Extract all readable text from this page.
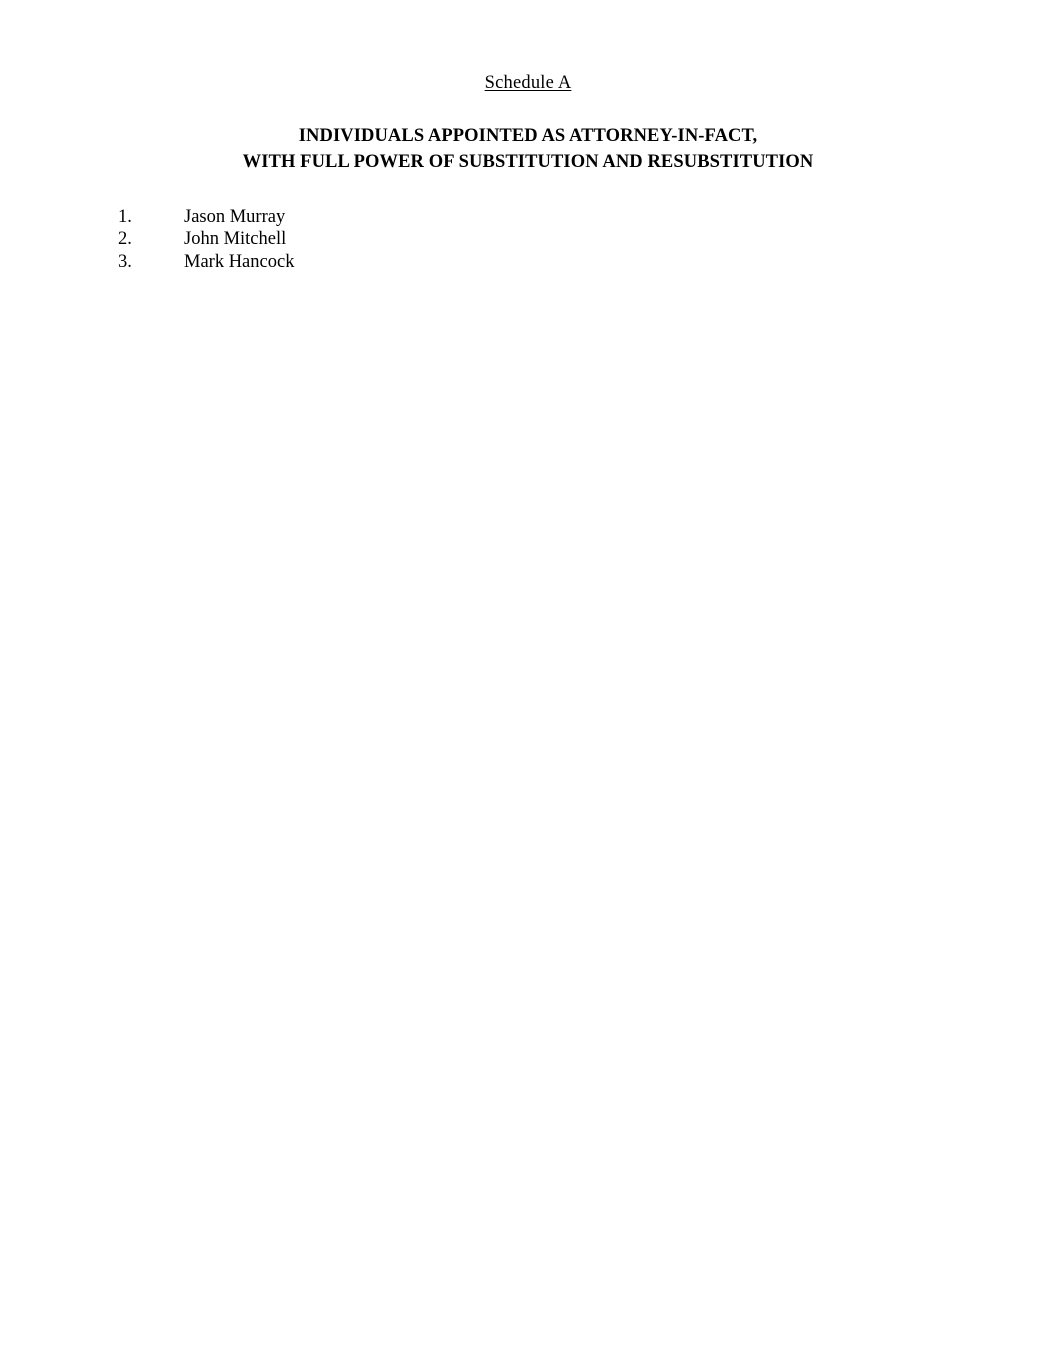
Schedule A
INDIVIDUALS APPOINTED AS ATTORNEY-IN-FACT,
WITH FULL POWER OF SUBSTITUTION AND RESUBSTITUTION
1.	Jason Murray
2.	John Mitchell
3.	Mark Hancock
